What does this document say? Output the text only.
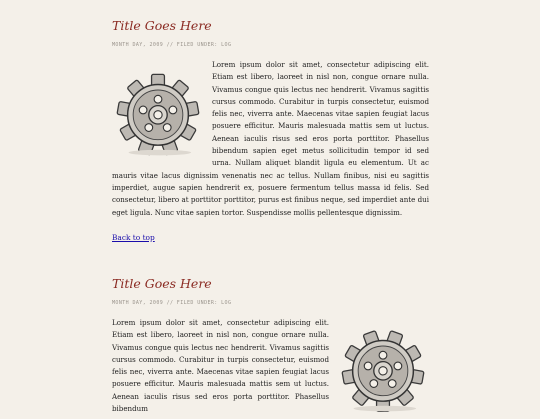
Title Goes Here
MONTH DAY, 2009 // FILED UNDER: LOG

Lorem ipsum dolor sit amet, consectetur adipiscing elit. Etiam est libero, laoreet in nisl non, congue ornare nulla. Vivamus congue quis lectus nec hendrerit. Vivamus sagittis cursus commodo. Curabitur in turpis consectetur, euismod felis nec, viverra ante. Maecenas vitae sapien feugiat lacus posuere efficitur. Mauris malesuada mattis sem ut luctus. Aenean iaculis risus sed eros porta porttitor. Phasellus bibendum sapien eget metus sollicitudin tempor id sed urna. Nullam aliquet blandit ligula eu elementum. Ut ac mauris vitae lacus dignissim venenatis nec ac tellus. Nullam finibus, nisi eu sagittis imperdiet, augue sapien hendrerit ex, posuere fermentum tellus massa id felis. Sed consectetur, libero at porttitor porttitor, purus est finibus neque, sed imperdiet ante dui eget ligula. Nunc vitae sapien tortor. Suspendisse mollis pellentesque dignissim.

Back to top
Title Goes Here
MONTH DAY, 2009 // FILED UNDER: LOG

Lorem ipsum dolor sit amet, consectetur adipiscing elit. Etiam est libero, laoreet in nisl non, congue ornare nulla. Vivamus congue quis lectus nec hendrerit. Vivamus sagittis cursus commodo. Curabitur in turpis consectetur, euismod felis nec, viverra ante. Maecenas vitae sapien feugiat lacus posuere efficitur. Mauris malesuada mattis sem ut luctus. Aenean iaculis risus sed eros porta porttitor. Phasellus bibendum
